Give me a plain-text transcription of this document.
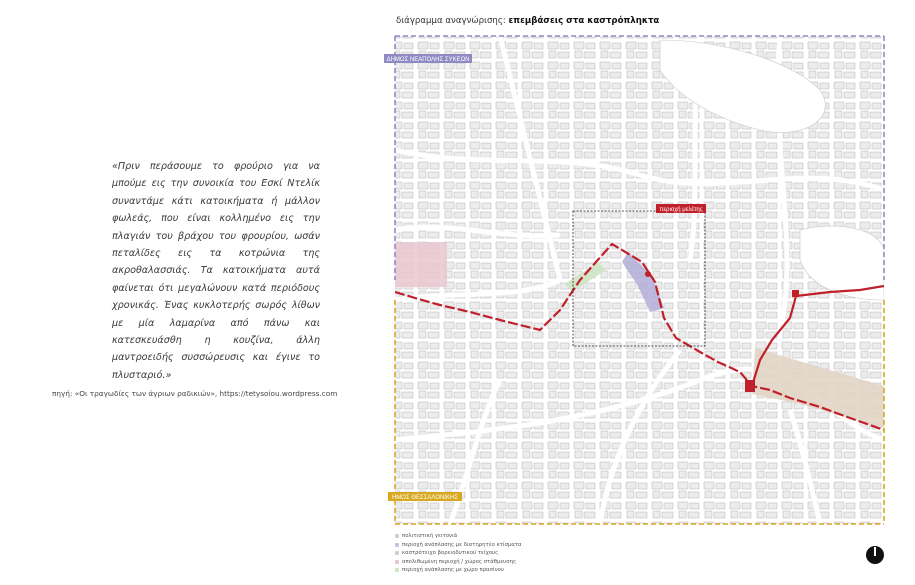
«Πριν περάσουμε το φρούριο για να μπούμε εις την συνοικία του Εσκί Ντελίκ συναντάμε κάτι κατοικήματα ή μάλλον φωλεάς, που είναι κολλημένο εις την πλαγιάν του βράχου του φρουρίου, ωσάν πεταλίδες εις τα κοτρώνια της ακροθαλασσιάς. Τα κατοικήματα αυτά φαίνεται ότι μεγαλώνουν κατά περιόδους χρονικάς. Ένας κυκλοτερής σωρός λίθων με μία λαμαρίνα από πάνω και κατεσκευάσθη η κουζίνα, άλλη μαντροειδής συσσώρευσις και έγινε το πλυσταριό.»
πηγή: «Οι τραγωδίες των άγριων ραδικιών», https://tetysoiou.wordpress.com
διάγραμμα αναγνώρισης: επεμβάσεις στα καστρόπληκτα
ΔΗΜΟΣ ΝΕΑΠΟΛΗΣ ΣΥΚΕΩΝ
ΗΜΟΣ ΘΕΣΣΑΛΟΝΙΚΗΣ
περιοχή μελέτης
πολιτιστική γειτονιά
περιοχή ανάπλασης με διατηρητέο κτίσματα
καστρότειχο βορειοδυτικού τείχους
απολιθωμένη περιοχή / χώρος στάθμευσης
περιοχή ανάπλασης με χώρο πρασίνου
